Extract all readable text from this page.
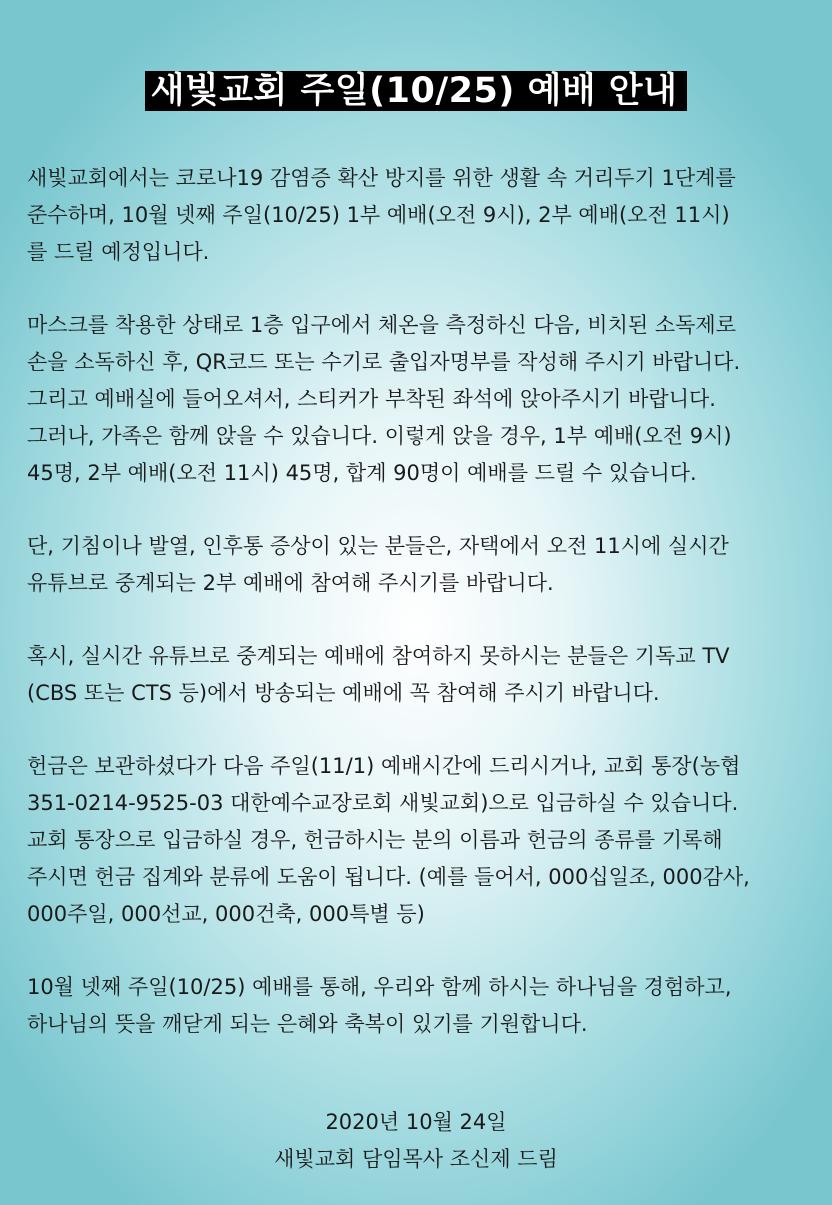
새빛교회 주일(10/25) 예배 안내

새빛교회에서는 코로나19 감염증 확산 방지를 위한 생활 속 거리두기 1단계를
준수하며, 10월 넷째 주일(10/25) 1부 예배(오전 9시), 2부 예배(오전 11시)
를 드릴 예정입니다.

마스크를 착용한 상태로 1층 입구에서 체온을 측정하신 다음, 비치된 소독제로
손을 소독하신 후, QR코드 또는 수기로 출입자명부를 작성해 주시기 바랍니다.
그리고 예배실에 들어오셔서, 스티커가 부착된 좌석에 앉아주시기 바랍니다.
그러나, 가족은 함께 앉을 수 있습니다. 이렇게 앉을 경우, 1부 예배(오전 9시)
45명, 2부 예배(오전 11시) 45명, 합계 90명이 예배를 드릴 수 있습니다.

단, 기침이나 발열, 인후통 증상이 있는 분들은, 자택에서 오전 11시에 실시간
유튜브로 중계되는 2부 예배에 참여해 주시기를 바랍니다.

혹시, 실시간 유튜브로 중계되는 예배에 참여하지 못하시는 분들은 기독교 TV
(CBS 또는 CTS 등)에서 방송되는 예배에 꼭 참여해 주시기 바랍니다.

헌금은 보관하셨다가 다음 주일(11/1) 예배시간에 드리시거나, 교회 통장(농협
351-0214-9525-03 대한예수교장로회 새빛교회)으로 입금하실 수 있습니다.
교회 통장으로 입금하실 경우, 헌금하시는 분의 이름과 헌금의 종류를 기록해
주시면 헌금 집계와 분류에 도움이 됩니다. (예를 들어서, 000십일조, 000감사,
000주일, 000선교, 000건축, 000특별 등)

10월 넷째 주일(10/25) 예배를 통해, 우리와 함께 하시는 하나님을 경험하고,
하나님의 뜻을 깨닫게 되는 은혜와 축복이 있기를 기원합니다.

2020년 10월 24일
새빛교회 담임목사 조신제 드림
